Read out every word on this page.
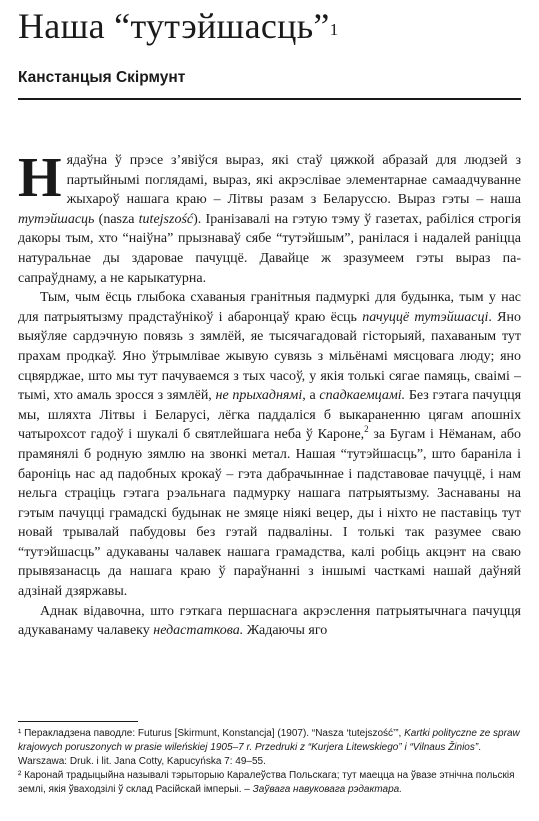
Наша “тутэйшасць”$^1$
Канстанцыя Скірмунт

Нядаўна ў прэсе з’явіўся выраз, які стаў цяжкой абразай для людзей з партыйнымі поглядамі, выраз, які акрэслівае элементарнае самаадчуванне жыхароў нашага краю – Літвы разам з Беларуссю. Выраз гэты – наша тутэйшасць (nasza tutejszość). Іранізавалі на гэтую тэму ў газетах, рабіліся строгія дакоры тым, хто “наіўна” прызнаваў сябе “тутэйшым”, ранілася і надалей раніцца натуральнае ды здаровае пачуццё. Давайце ж зразумеем гэты выраз па-сапраўднаму, а не карыкатурна.

Тым, чым ёсць глыбока схаваныя гранітныя падмуркі для будынка, тым у нас для патрыятызму прадстаўнікоў і абаронцаў краю ёсць пачуццё тутэйшасці. Яно выяўляе сардэчную повязь з зямлёй, яе тысячагадовай гісторыяй, пахаваным тут прахам продкаў. Яно ўтрымлівае жывую сувязь з мільёнамі мясцовага люду; яно сцвярджае, што мы тут пачуваемся з тых часоў, у якія толькі сягае памяць, сваімі – тымі, хто амаль зросся з зямлёй, не прыхаднямі, а спадкаемцамі. Без гэтага пачуцця мы, шляхта Літвы і Беларусі, лёгка паддаліся б выкараненню цягам апошніх чатырохсот гадоў і шукалі б святлейшага неба ў Кароне,$^2$ за Бугам і Нёманам, або прамянялі б родную зямлю на звонкі метал. Нашая “тутэйшасць”, што бараніла і бароніць нас ад падобных крокаў – гэта дабрачыннае і падставовае пачуццё, і нам нельга страціць гэтага рэальнага падмурку нашага патрыятызму. Заснаваны на гэтым пачуцці грамадскі будынак не змяце ніякі вецер, ды і ніхто не паставіць тут новай трывалай пабудовы без гэтай падваліны. І толькі так разумее сваю “тутэйшасць” адукаваны чалавек нашага грамадства, калі робіць акцэнт на сваю прывязанасць да нашага краю ў параўнанні з іншымі часткамі нашай даўняй адзінай дзяржавы.

Аднак відавочна, што гэткага першаснага акрэслення патрыятычнага пачуцця адукаванаму чалавеку недастаткова. Жадаючы яго

¹ Перакладзена паводле: Futurus [Skirmunt, Konstancja] (1907). “Nasza ‘tutejszość’”, Kartki polityczne ze spraw krajowych poruszonych w prasie wileńskiej 1905–7 r. Przedruki z “Kurjera Litewskiego” i “Vilnaus Žinios”. Warszawa: Druk. i lit. Jana Cotty, Kapucyńska 7: 49–55.

² Каронай традыцыйна называлі тэрыторыю Каралеўства Польскага; тут маецца на ўвазе этнічна польскія землі, якія ўваходзілі ў склад Расійскай імперыі. – Заўвага навуковага рэдактара.
